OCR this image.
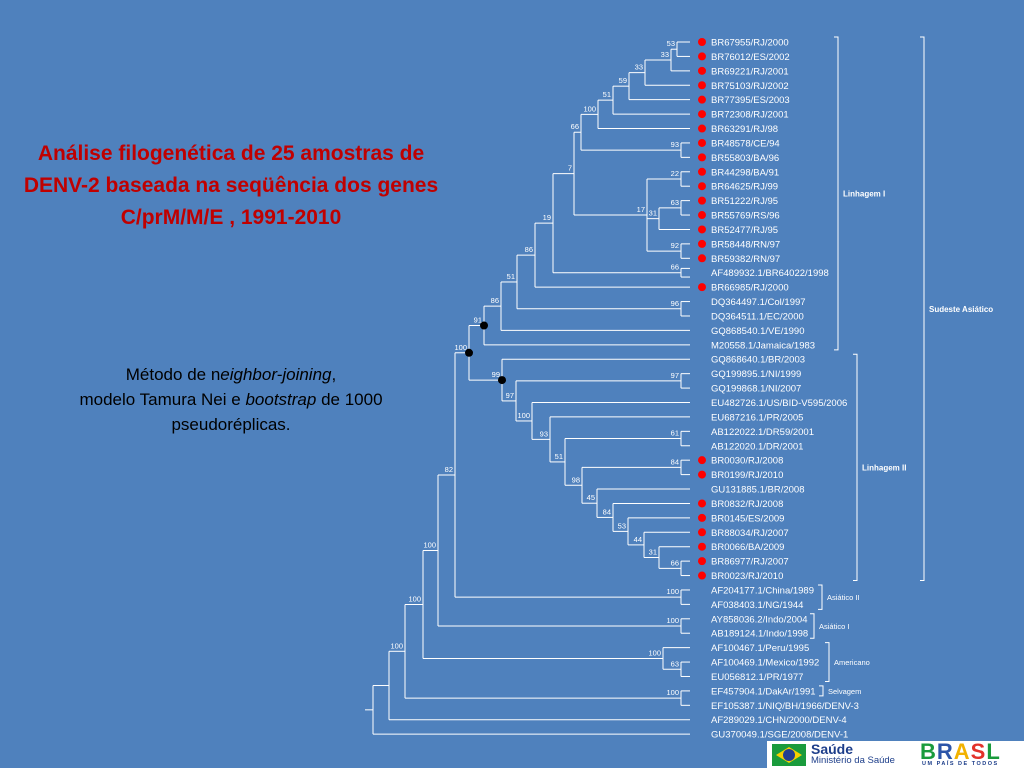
Análise filogenética de 25 amostras de DENV-2 baseada na seqüência dos genes C/prM/M/E , 1991-2010
Método de neighbor-joining,
modelo Tamura Nei e bootstrap de 1000
pseudoréplicas.
BR67955/RJ/2000
BR76012/ES/2002
BR69221/RJ/2001
BR75103/RJ/2002
BR77395/ES/2003
BR72308/RJ/2001
BR63291/RJ/98
BR48578/CE/94
BR55803/BA/96
BR44298/BA/91
BR64625/RJ/99
BR51222/RJ/95
BR55769/RS/96
BR52477/RJ/95
BR58448/RN/97
BR59382/RN/97
AF489932.1/BR64022/1998
BR66985/RJ/2000
DQ364497.1/Col/1997
DQ364511.1/EC/2000
GQ868540.1/VE/1990
M20558.1/Jamaica/1983
GQ868640.1/BR/2003
GQ199895.1/NI/1999
GQ199868.1/NI/2007
EU482726.1/US/BID-V595/2006
EU687216.1/PR/2005
AB122022.1/DR59/2001
AB122020.1/DR/2001
BR0030/RJ/2008
BR0199/RJ/2010
GU131885.1/BR/2008
BR0832/RJ/2008
BR0145/ES/2009
BR88034/RJ/2007
BR0066/BA/2009
BR86977/RJ/2007
BR0023/RJ/2010
AF204177.1/China/1989
AF038403.1/NG/1944
AY858036.2/Indo/2004
AB189124.1/Indo/1998
AF100467.1/Peru/1995
AF100469.1/Mexico/1992
EU056812.1/PR/1977
EF457904.1/DakAr/1991
EF105387.1/NIQ/BH/1966/DENV-3
AF289029.1/CHN/2000/DENV-4
GU370049.1/SGE/2008/DENV-1
53
33
33
59
51
100
93
66
22
63
31
92
17
7
66
19
86
96
51
86
91
97
61
84
66
31
44
53
84
45
98
51
93
100
97
99
100
100
82
100
100
63
100
100
100
100
Linhagem I
Linhagem II
Sudeste Asiático
Asiático II
Asiático I
Americano
Selvagem
Saúde
Ministério da Saúde BRASL
UM PAÍS DE TODOS
